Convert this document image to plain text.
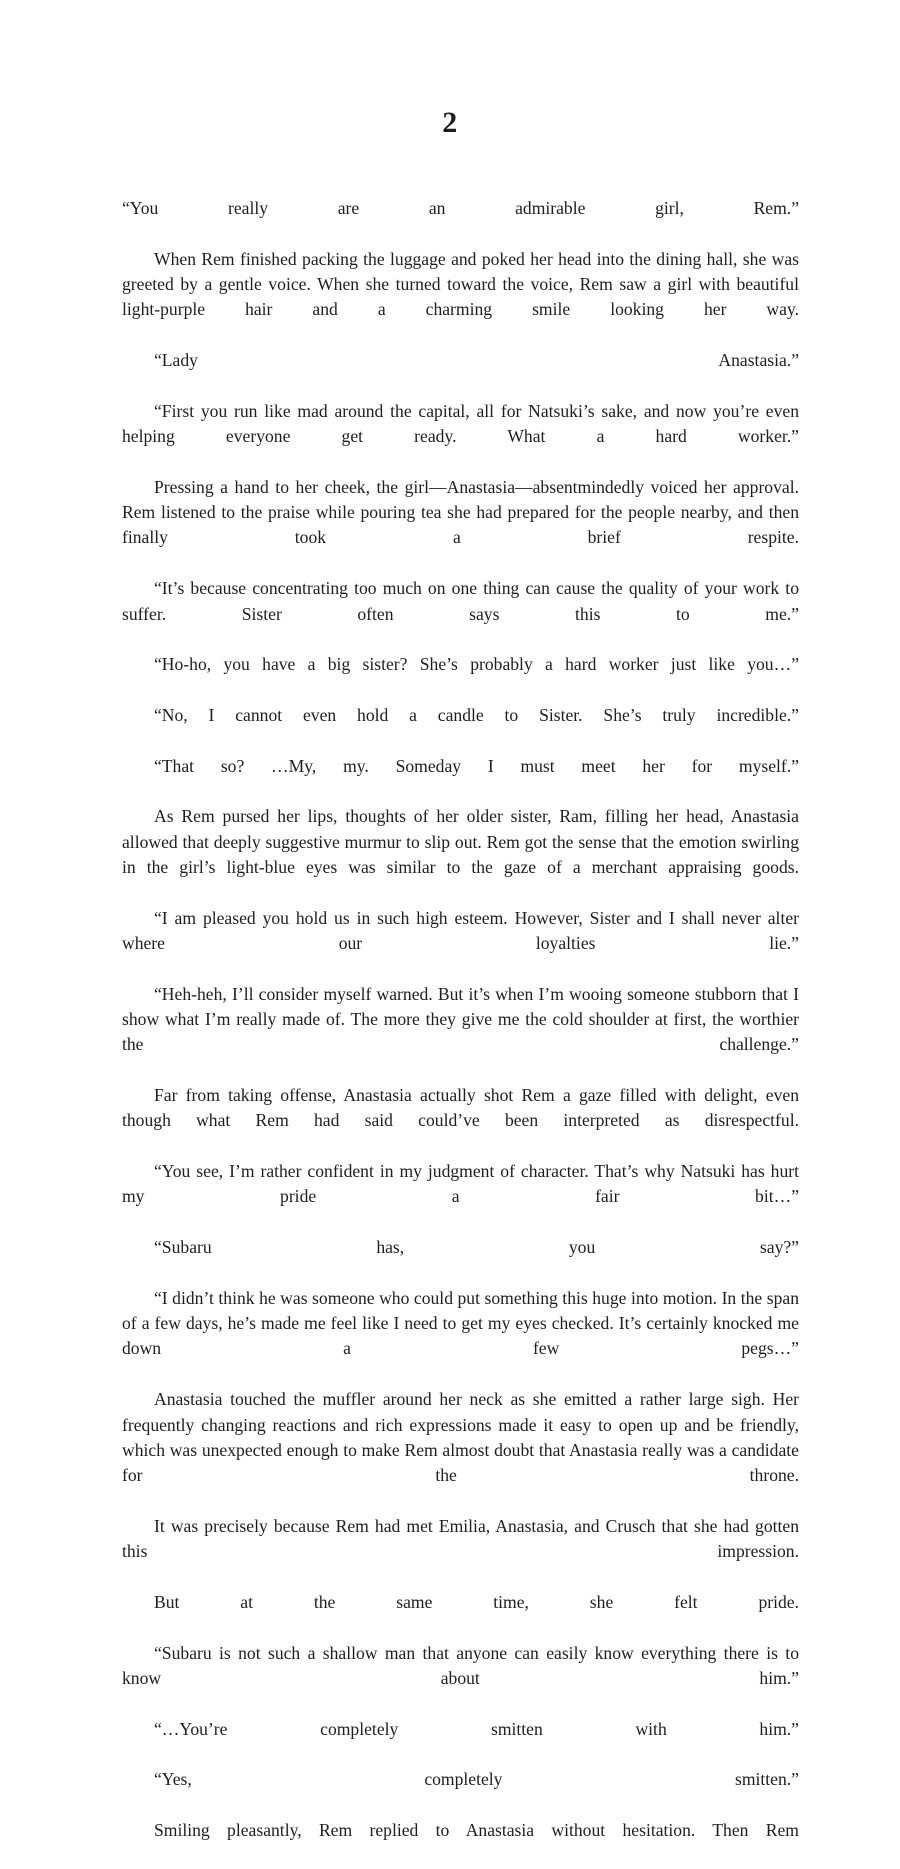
2

“You really are an admirable girl, Rem.”

When Rem finished packing the luggage and poked her head into the dining hall, she was greeted by a gentle voice. When she turned toward the voice, Rem saw a girl with beautiful light-purple hair and a charming smile looking her way.

“Lady Anastasia.”

“First you run like mad around the capital, all for Natsuki’s sake, and now you’re even helping everyone get ready. What a hard worker.”

Pressing a hand to her cheek, the girl—Anastasia—absentmindedly voiced her approval. Rem listened to the praise while pouring tea she had prepared for the people nearby, and then finally took a brief respite.

“It’s because concentrating too much on one thing can cause the quality of your work to suffer. Sister often says this to me.”

“Ho-ho, you have a big sister? She’s probably a hard worker just like you…”

“No, I cannot even hold a candle to Sister. She’s truly incredible.”

“That so? …My, my. Someday I must meet her for myself.”

As Rem pursed her lips, thoughts of her older sister, Ram, filling her head, Anastasia allowed that deeply suggestive murmur to slip out. Rem got the sense that the emotion swirling in the girl’s light-blue eyes was similar to the gaze of a merchant appraising goods.

“I am pleased you hold us in such high esteem. However, Sister and I shall never alter where our loyalties lie.”

“Heh-heh, I’ll consider myself warned. But it’s when I’m wooing someone stubborn that I show what I’m really made of. The more they give me the cold shoulder at first, the worthier the challenge.”

Far from taking offense, Anastasia actually shot Rem a gaze filled with delight, even though what Rem had said could’ve been interpreted as disrespectful.

“You see, I’m rather confident in my judgment of character. That’s why Natsuki has hurt my pride a fair bit…”

“Subaru has, you say?”

“I didn’t think he was someone who could put something this huge into motion. In the span of a few days, he’s made me feel like I need to get my eyes checked. It’s certainly knocked me down a few pegs…”

Anastasia touched the muffler around her neck as she emitted a rather large sigh. Her frequently changing reactions and rich expressions made it easy to open up and be friendly, which was unexpected enough to make Rem almost doubt that Anastasia really was a candidate for the throne.

It was precisely because Rem had met Emilia, Anastasia, and Crusch that she had gotten this impression.

But at the same time, she felt pride.

“Subaru is not such a shallow man that anyone can easily know everything there is to know about him.”

“…You’re completely smitten with him.”

“Yes, completely smitten.”

Smiling pleasantly, Rem replied to Anastasia without hesitation. Then Rem
